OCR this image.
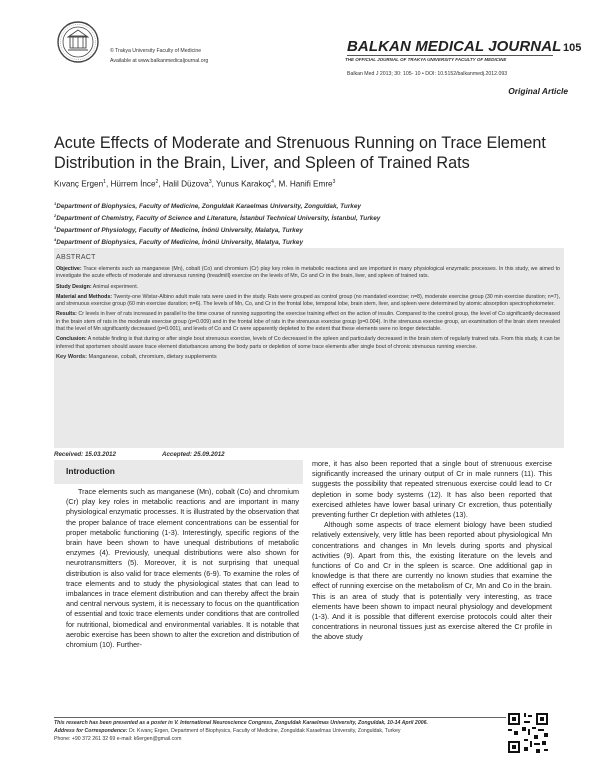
© Trakya University Faculty of Medicine
Available at www.balkanmedicaljournal.org
BALKAN MEDICAL JOURNAL
THE OFFICIAL JOURNAL OF TRAKYA UNIVERSITY FACULTY OF MEDICINE
105
Balkan Med J 2013; 30: 105- 10 • DOI: 10.5152/balkanmedj.2012.093
Original Article
Acute Effects of Moderate and Strenuous Running on Trace Element Distribution in the Brain, Liver, and Spleen of Trained Rats
Kıvanç Ergen$^1$, Hürrem İnce$^2$, Halil Düzova$^3$, Yunus Karakoç$^4$, M. Hanifi Emre$^3$
$^1$Department of Biophysics, Faculty of Medicine, Zonguldak Karaelmas University, Zonguldak, Turkey
$^2$Department of Chemistry, Faculty of Science and Literature, İstanbul Technical University, İstanbul, Turkey
$^3$Department of Physiology, Faculty of Medicine, İnönü University, Malatya, Turkey
$^4$Department of Biophysics, Faculty of Medicine, İnönü University, Malatya, Turkey
ABSTRACT

Objective: Trace elements such as manganese (Mn), cobalt (Co) and chromium (Cr) play key roles in metabolic reactions and are important in many physiological enzymatic processes. In this study, we aimed to investigate the acute effects of moderate and strenuous running (treadmill) exercise on the levels of Mn, Co and Cr in the brain, liver, and spleen of trained rats.

Study Design: Animal experiment.

Material and Methods: Twenty-one Wistar-Albino adult male rats were used in the study. Rats were grouped as control group (no mandated exercise; n=8), moderate exercise group (30 min exercise duration; n=7), and strenuous exercise group (60 min exercise duration; n=6). The levels of Mn, Co, and Cr in the frontal lobe, temporal lobe, brain stem, liver, and spleen were determined by atomic absorption spectrophotometer.

Results: Cr levels in liver of rats increased in parallel to the time course of running supporting the exercise training effect on the action of insulin. Compared to the control group, the level of Co significantly decreased in the brain stem of rats in the moderate exercise group (p=0.009) and in the frontal lobe of rats in the strenuous exercise group (p=0.004). In the strenuous exercise group, an examination of the brain stem revealed that the level of Mn significantly decreased (p=0.001), and levels of Co and Cr were apparently depleted to the extent that these elements were no longer detectable.

Conclusion: A notable finding is that during or after single bout strenuous exercise, levels of Co decreased in the spleen and particularly decreased in the brain stem of regularly trained rats. From this study, it can be inferred that sportsmen should aware trace element disturbances among the body parts or depletion of some trace elements after single bout of chronic strenuous running exercise.

Key Words: Manganese, cobalt, chromium, dietary supplements

Received: 15.03.2012	Accepted: 25.09.2012
Introduction

Trace elements such as manganese (Mn), cobalt (Co) and chromium (Cr) play key roles in metabolic reactions and are important in many physiological enzymatic processes. It is illustrated by the observation that the proper balance of trace element concentrations can be essential for proper metabolic functioning (1-3). Interestingly, specific regions of the brain have been shown to have unequal distributions of metabolic enzymes (4). Previously, unequal distributions were also shown for neurotransmitters (5). Moreover, it is not surprising that unequal distribution is also valid for trace elements (6-9). To examine the roles of trace elements and to study the physiological states that can lead to imbalances in trace element distribution and can thereby affect the brain and central nervous system, it is necessary to focus on the quantification of essential and toxic trace elements under conditions that are controlled for nutritional, biomedical and environmental variables. It is notable that aerobic exercise has been shown to alter the excretion and distribution of chromium (10). Further-

more, it has also been reported that a single bout of strenuous exercise significantly increased the urinary output of Cr in male runners (11). This suggests the possibility that repeated strenuous exercise could lead to Cr depletion in some body systems (12). It has also been reported that exercised athletes have lower basal urinary Cr excretion, thus potentially preventing further Cr depletion with athletes (13).

Although some aspects of trace element biology have been studied relatively extensively, very little has been reported about physiological Mn concentrations and changes in Mn levels during sports and physical activities (9). Apart from this, the existing literature on the levels and functions of Co and Cr in the spleen is scarce. One additional gap in knowledge is that there are currently no known studies that examine the effect of running exercise on the metabolism of Cr, Mn and Co in the brain. This is an area of study that is potentially very interesting, as trace elements have been shown to impact neural physiology and development (1-3). And it is possible that different exercise protocols could alter their concentrations in neuronal tissues just as exercise altered the Cr profile in the above study

This research has been presented as a poster in V. International Neuroscience Congress, Zonguldak Karaelmas University, Zonguldak, 10-14 April 2006.
Address for Correspondence: Dr. Kıvanç Ergen, Department of Biophysics, Faculty of Medicine, Zonguldak Karaelmas University, Zonguldak, Turkey
Phone: +90 372 261 32 69 e-mail: k6ergen@gmail.com
